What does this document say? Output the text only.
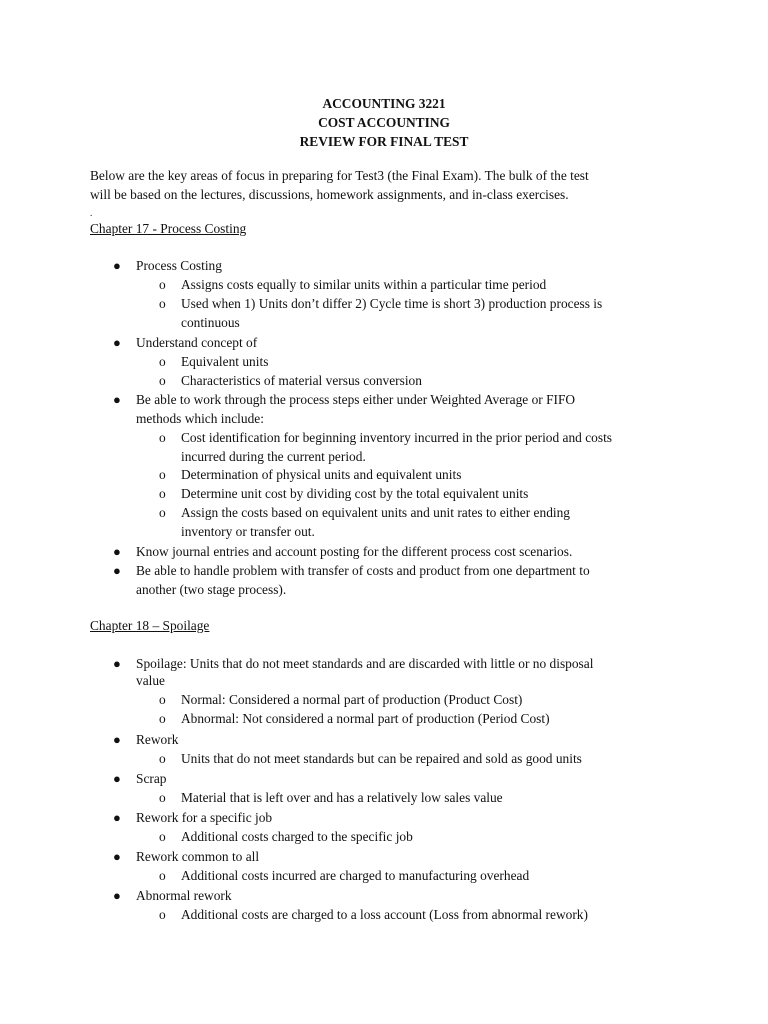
ACCOUNTING 3221
COST ACCOUNTING
REVIEW FOR FINAL TEST
Below are the key areas of focus in preparing for Test3 (the Final Exam). The bulk of the test
will be based on the lectures, discussions, homework assignments, and in-class exercises.
.
Chapter 17 - Process Costing
● Process Costing
o Assigns costs equally to similar units within a particular time period
o Used when 1) Units don’t differ 2) Cycle time is short 3) production process is
continuous
● Understand concept of
o Equivalent units
o Characteristics of material versus conversion
● Be able to work through the process steps either under Weighted Average or FIFO
methods which include:
o Cost identification for beginning inventory incurred in the prior period and costs
incurred during the current period.
o Determination of physical units and equivalent units
o Determine unit cost by dividing cost by the total equivalent units
o Assign the costs based on equivalent units and unit rates to either ending
inventory or transfer out.
● Know journal entries and account posting for the different process cost scenarios.
● Be able to handle problem with transfer of costs and product from one department to
another (two stage process).
Chapter 18 – Spoilage
● Spoilage: Units that do not meet standards and are discarded with little or no disposal
value
o Normal: Considered a normal part of production (Product Cost)
o Abnormal: Not considered a normal part of production (Period Cost)
● Rework
o Units that do not meet standards but can be repaired and sold as good units
● Scrap
o Material that is left over and has a relatively low sales value
● Rework for a specific job
o Additional costs charged to the specific job
● Rework common to all
o Additional costs incurred are charged to manufacturing overhead
● Abnormal rework
o Additional costs are charged to a loss account (Loss from abnormal rework)
